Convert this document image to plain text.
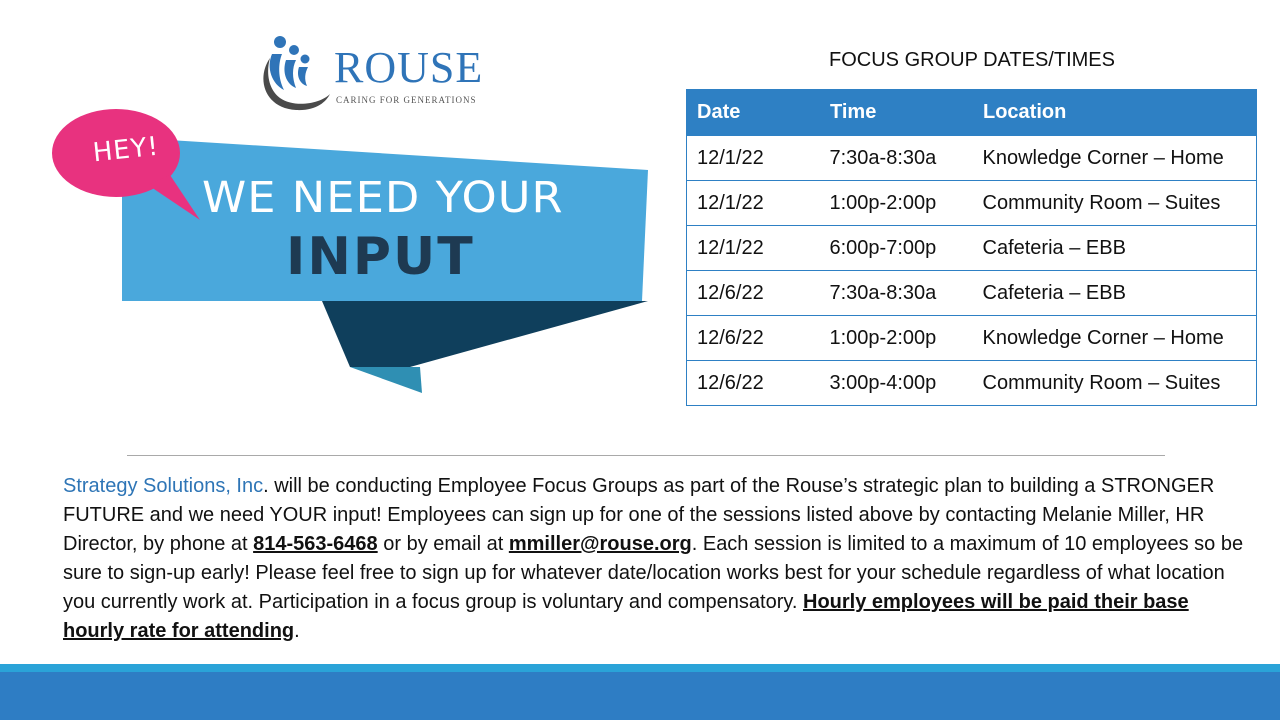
ROUSE
CARING FOR GENERATIONS
HEY!
WE NEED YOUR
INPUT
FOCUS GROUP DATES/TIMES
Date	Time	Location
12/1/22	7:30a-8:30a	Knowledge Corner – Home
12/1/22	1:00p-2:00p	Community Room – Suites
12/1/22	6:00p-7:00p	Cafeteria – EBB
12/6/22	7:30a-8:30a	Cafeteria – EBB
12/6/22	1:00p-2:00p	Knowledge Corner – Home
12/6/22	3:00p-4:00p	Community Room – Suites
Strategy Solutions, Inc. will be conducting Employee Focus Groups as part of the Rouse’s strategic plan to building a STRONGER FUTURE and we need YOUR input! Employees can sign up for one of the sessions listed above by contacting Melanie Miller, HR Director, by phone at 814-563-6468 or by email at mmiller@rouse.org. Each session is limited to a maximum of 10 employees so be sure to sign-up early! Please feel free to sign up for whatever date/location works best for your schedule regardless of what location you currently work at. Participation in a focus group is voluntary and compensatory. Hourly employees will be paid their base hourly rate for attending.
